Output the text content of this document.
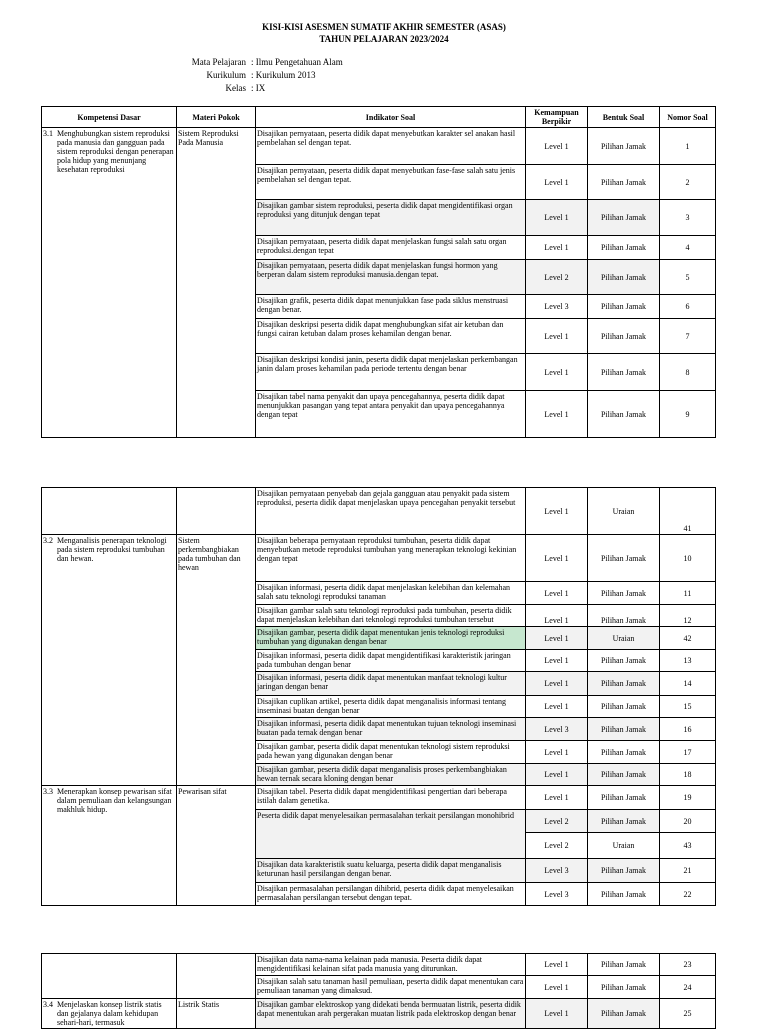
KISI-KISI ASESMEN SUMATIF AKHIR SEMESTER (ASAS)
TAHUN PELAJARAN 2023/2024
Mata Pelajaran : Ilmu Pengetahuan Alam
Kurikulum : Kurikulum 2013
Kelas : IX
Kompetensi Dasar	Materi Pokok	Indikator Soal	Kemampuan Berpikir	Bentuk Soal	Nomor Soal

3.1 Menghubungkan sistem reproduksi pada manusia dan gangguan pada sistem reproduksi dengan penerapan pola hidup yang menunjang kesehatan reproduksi	Sistem Reproduksi Pada Manusia	Disajikan pernyataan, peserta didik dapat menyebutkan karakter sel anakan hasil pembelahan sel dengan tepat.	Level 1	Pilihan Jamak	1
		Disajikan pernyataan, peserta didik dapat menyebutkan fase-fase salah satu jenis pembelahan sel dengan tepat.	Level 1	Pilihan Jamak	2
		Disajikan gambar sistem reproduksi, peserta didik dapat mengidentifikasi organ reproduksi yang ditunjuk dengan tepat	Level 1	Pilihan Jamak	3
		Disajikan pernyataan, peserta didik dapat menjelaskan fungsi salah satu organ reproduksi.dengan tepat	Level 1	Pilihan Jamak	4
		Disajikan pernyataan, peserta didik dapat menjelaskan fungsi hormon yang berperan dalam sistem reproduksi manusia.dengan tepat.	Level 2	Pilihan Jamak	5
		Disajikan grafik, peserta didik dapat menunjukkan fase pada siklus menstruasi dengan benar.	Level 3	Pilihan Jamak	6
		Disajikan deskripsi peserta didik dapat menghubungkan sifat air ketuban dan fungsi cairan ketuban dalam proses kehamilan dengan benar.	Level 1	Pilihan Jamak	7
		Disajikan deskripsi kondisi janin, peserta didik dapat menjelaskan perkembangan janin dalam proses kehamilan pada periode tertentu dengan benar	Level 1	Pilihan Jamak	8
		Disajikan tabel nama penyakit dan upaya pencegahannya, peserta didik dapat menunjukkan pasangan yang tepat antara penyakit dan upaya pencegahannya dengan tepat	Level 1	Pilihan Jamak	9
		Disajikan pernyataan penyebab dan gejala gangguan atau penyakit pada sistem reproduksi, peserta didik dapat menjelaskan upaya pencegahan penyakit tersebut	Level 1	Uraian	41

3.2 Menganalisis penerapan teknologi pada sistem reproduksi tumbuhan dan hewan.	Sistem perkembangbiakan pada tumbuhan dan hewan	Disajikan beberapa pernyataan reproduksi tumbuhan, peserta didik dapat menyebutkan metode reproduksi tumbuhan yang menerapkan teknologi kekinian dengan tepat	Level 1	Pilihan Jamak	10
		Disajikan informasi, peserta didik dapat menjelaskan kelebihan dan kelemahan salah satu teknologi reproduksi tanaman	Level 1	Pilihan Jamak	11
		Disajikan gambar salah satu teknologi reproduksi pada tumbuhan, peserta didik dapat menjelaskan kelebihan dari teknologi reproduksi tumbuhan tersebut	Level 1	Pilihan Jamak	12
		Disajikan gambar, peserta didik dapat menentukan jenis teknologi reproduksi tumbuhan yang digunakan dengan benar	Level 1	Uraian	42
		Disajikan informasi, peserta didik dapat mengidentifikasi karakteristik jaringan pada tumbuhan dengan benar	Level 1	Pilihan Jamak	13
		Disajikan informasi, peserta didik dapat menentukan manfaat teknologi kultur jaringan dengan benar	Level 1	Pilihan Jamak	14
		Disajikan cuplikan artikel, peserta didik dapat menganalisis informasi tentang inseminasi buatan dengan benar	Level 1	Pilihan Jamak	15
		Disajikan informasi, peserta didik dapat menentukan tujuan teknologi inseminasi buatan pada ternak dengan benar	Level 3	Pilihan Jamak	16
		Disajikan gambar, peserta didik dapat menentukan teknologi sistem reproduksi pada hewan yang digunakan dengan benar	Level 1	Pilihan Jamak	17
		Disajikan gambar, peserta didik dapat menganalisis proses perkembangbiakan hewan ternak secara kloning dengan benar	Level 1	Pilihan Jamak	18

3.3 Menerapkan konsep pewarisan sifat dalam pemuliaan dan kelangsungan makhluk hidup.	Pewarisan sifat	Disajikan tabel. Peserta didik dapat mengidentifikasi pengertian dari beberapa istilah dalam genetika.	Level 1	Pilihan Jamak	19
		Peserta didik dapat menyelesaikan permasalahan terkait persilangan monohibrid	Level 2	Pilihan Jamak	20
			Level 2	Uraian	43
		Disajikan data karakteristik suatu keluarga, peserta didik dapat menganalisis keturunan hasil persilangan dengan benar.	Level 3	Pilihan Jamak	21
		Disajikan permasalahan persilangan dihibrid, peserta didik dapat menyelesaikan permasalahan persilangan tersebut dengan tepat.	Level 3	Pilihan Jamak	22
		Disajikan data nama-nama kelainan pada manusia. Peserta didik dapat mengidentifikasi kelainan sifat pada manusia yang diturunkan.	Level 1	Pilihan Jamak	23
		Disajikan salah satu tanaman hasil pemuliaan, peserta didik dapat menentukan cara pemuliaan tanaman yang dimaksud.	Level 1	Pilihan Jamak	24

3.4 Menjelaskan konsep listrik statis dan gejalanya dalam kehidupan sehari-hari, termasuk	Listrik Statis	Disajikan gambar elektroskop yang didekati benda bermuatan listrik, peserta didik dapat menentukan arah pergerakan muatan listrik pada elektroskop dengan benar	Level 1	Pilihan Jamak	25
